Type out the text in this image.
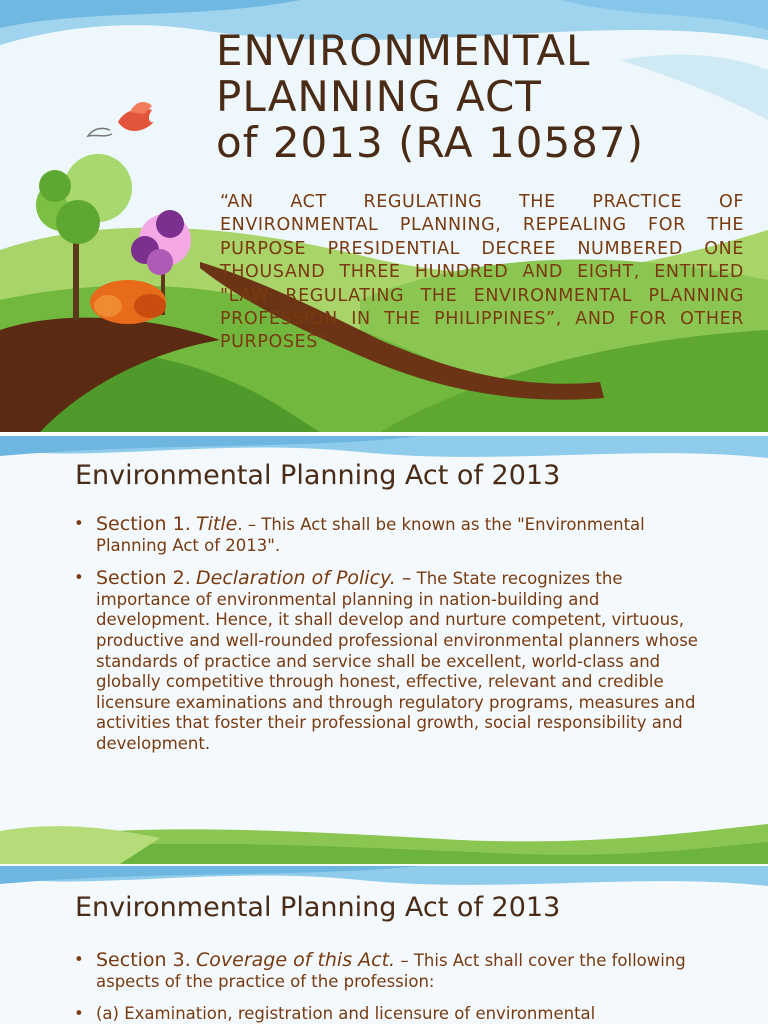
ENVIRONMENTAL
PLANNING ACT
of 2013 (RA 10587)

“AN ACT REGULATING THE PRACTICE OF ENVIRONMENTAL PLANNING, REPEALING FOR THE PURPOSE PRESIDENTIAL DECREE NUMBERED ONE THOUSAND THREE HUNDRED AND EIGHT, ENTITLED "LAW REGULATING THE ENVIRONMENTAL PLANNING PROFESSION IN THE PHILIPPINES”, AND FOR OTHER PURPOSES”

Environmental Planning Act of 2013
• Section 1. Title. – This Act shall be known as the "Environmental Planning Act of 2013".
• Section 2. Declaration of Policy. – The State recognizes the importance of environmental planning in nation-building and development. Hence, it shall develop and nurture competent, virtuous, productive and well-rounded professional environmental planners whose standards of practice and service shall be excellent, world-class and globally competitive through honest, effective, relevant and credible licensure examinations and through regulatory programs, measures and activities that foster their professional growth, social responsibility and development.
Environmental Planning Act of 2013
• Section 3. Coverage of this Act. – This Act shall cover the following aspects of the practice of the profession:
• (a) Examination, registration and licensure of environmental
